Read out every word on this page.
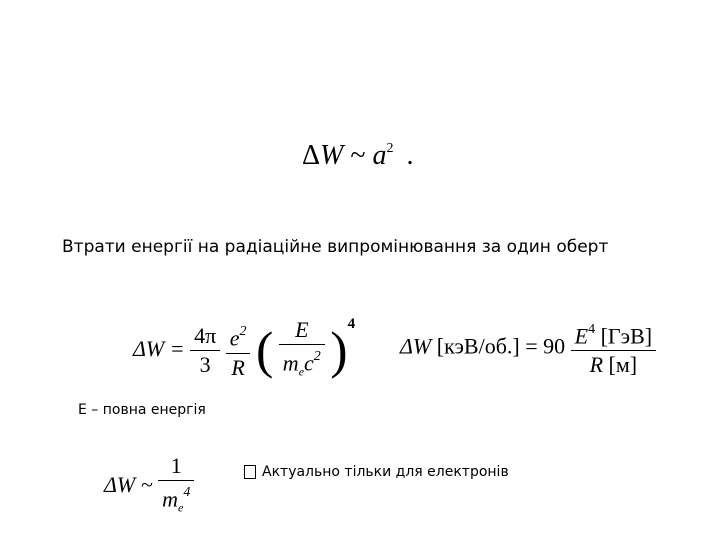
Синхротрон
(Синхротронне випромінювання)
ΔW ~ $a^2$ .
Втрати енергії на радіаційне випромінювання за один оберт
$\Delta W = \frac{4\pi}{3}$
$\frac{e^2}{R}$ ( $\frac{E}{m_ec^2} )^4$
ΔW $[кэВ/об.] = 90 \frac{E^4 [ГэВ]}{R [м]}$
E – повна енергія
ΔW ~ $\frac{1}{m_e^4}$	Актуально тільки для електронів
